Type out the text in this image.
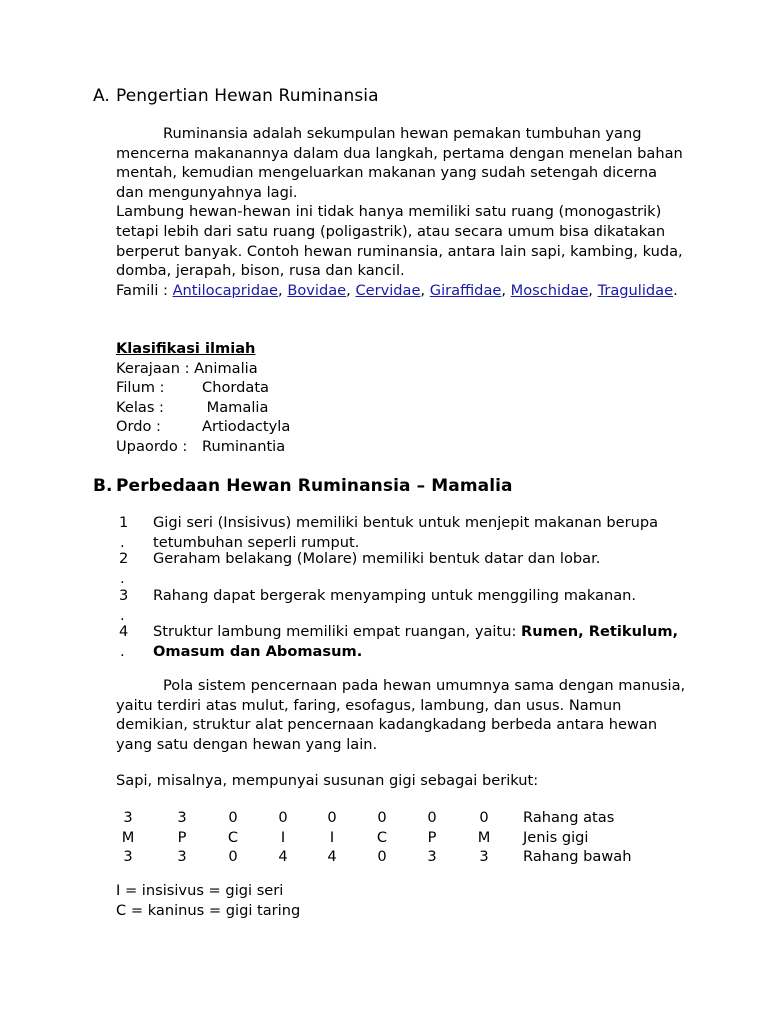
A. Pengertian Hewan Ruminansia
Ruminansia adalah sekumpulan hewan pemakan tumbuhan yang mencerna makanannya dalam dua langkah, pertama dengan menelan bahan mentah, kemudian mengeluarkan makanan yang sudah setengah dicerna dan mengunyahnya lagi.
Lambung hewan-hewan ini tidak hanya memiliki satu ruang (monogastrik) tetapi lebih dari satu ruang (poligastrik), atau secara umum bisa dikatakan berperut banyak. Contoh hewan ruminansia, antara lain sapi, kambing, kuda, domba, jerapah, bison, rusa dan kancil.
Famili : Antilocapridae, Bovidae, Cervidae, Giraffidae, Moschidae, Tragulidae.
Klasifikasi ilmiah
Kerajaan : Animalia
Filum :	Chordata
Kelas :	Mamalia
Ordo :	Artiodactyla
Upaordo : Ruminantia
B. Perbedaan Hewan Ruminansia – Mamalia
1
.
Gigi seri (Insisivus) memiliki bentuk untuk menjepit makanan berupa tetumbuhan seperli rumput.
2
.
Geraham belakang (Molare) memiliki bentuk datar dan lobar.
3
.
Rahang dapat bergerak menyamping untuk menggiling makanan.
4
.
Struktur lambung memiliki empat ruangan, yaitu: Rumen, Retikulum, Omasum dan Abomasum.
Pola sistem pencernaan pada hewan umumnya sama dengan manusia, yaitu terdiri atas mulut, faring, esofagus, lambung, dan usus. Namun demikian, struktur alat pencernaan kadangkadang berbeda antara hewan yang satu dengan hewan yang lain.
Sapi, misalnya, mempunyai susunan gigi sebagai berikut:
3	3	0	0	0	0	0	0	Rahang atas
M	P	C	I	I	C	P	M Jenis gigi
3	3	0	4	4	0	3	3	Rahang bawah
I = insisivus = gigi seri
C = kaninus = gigi taring
